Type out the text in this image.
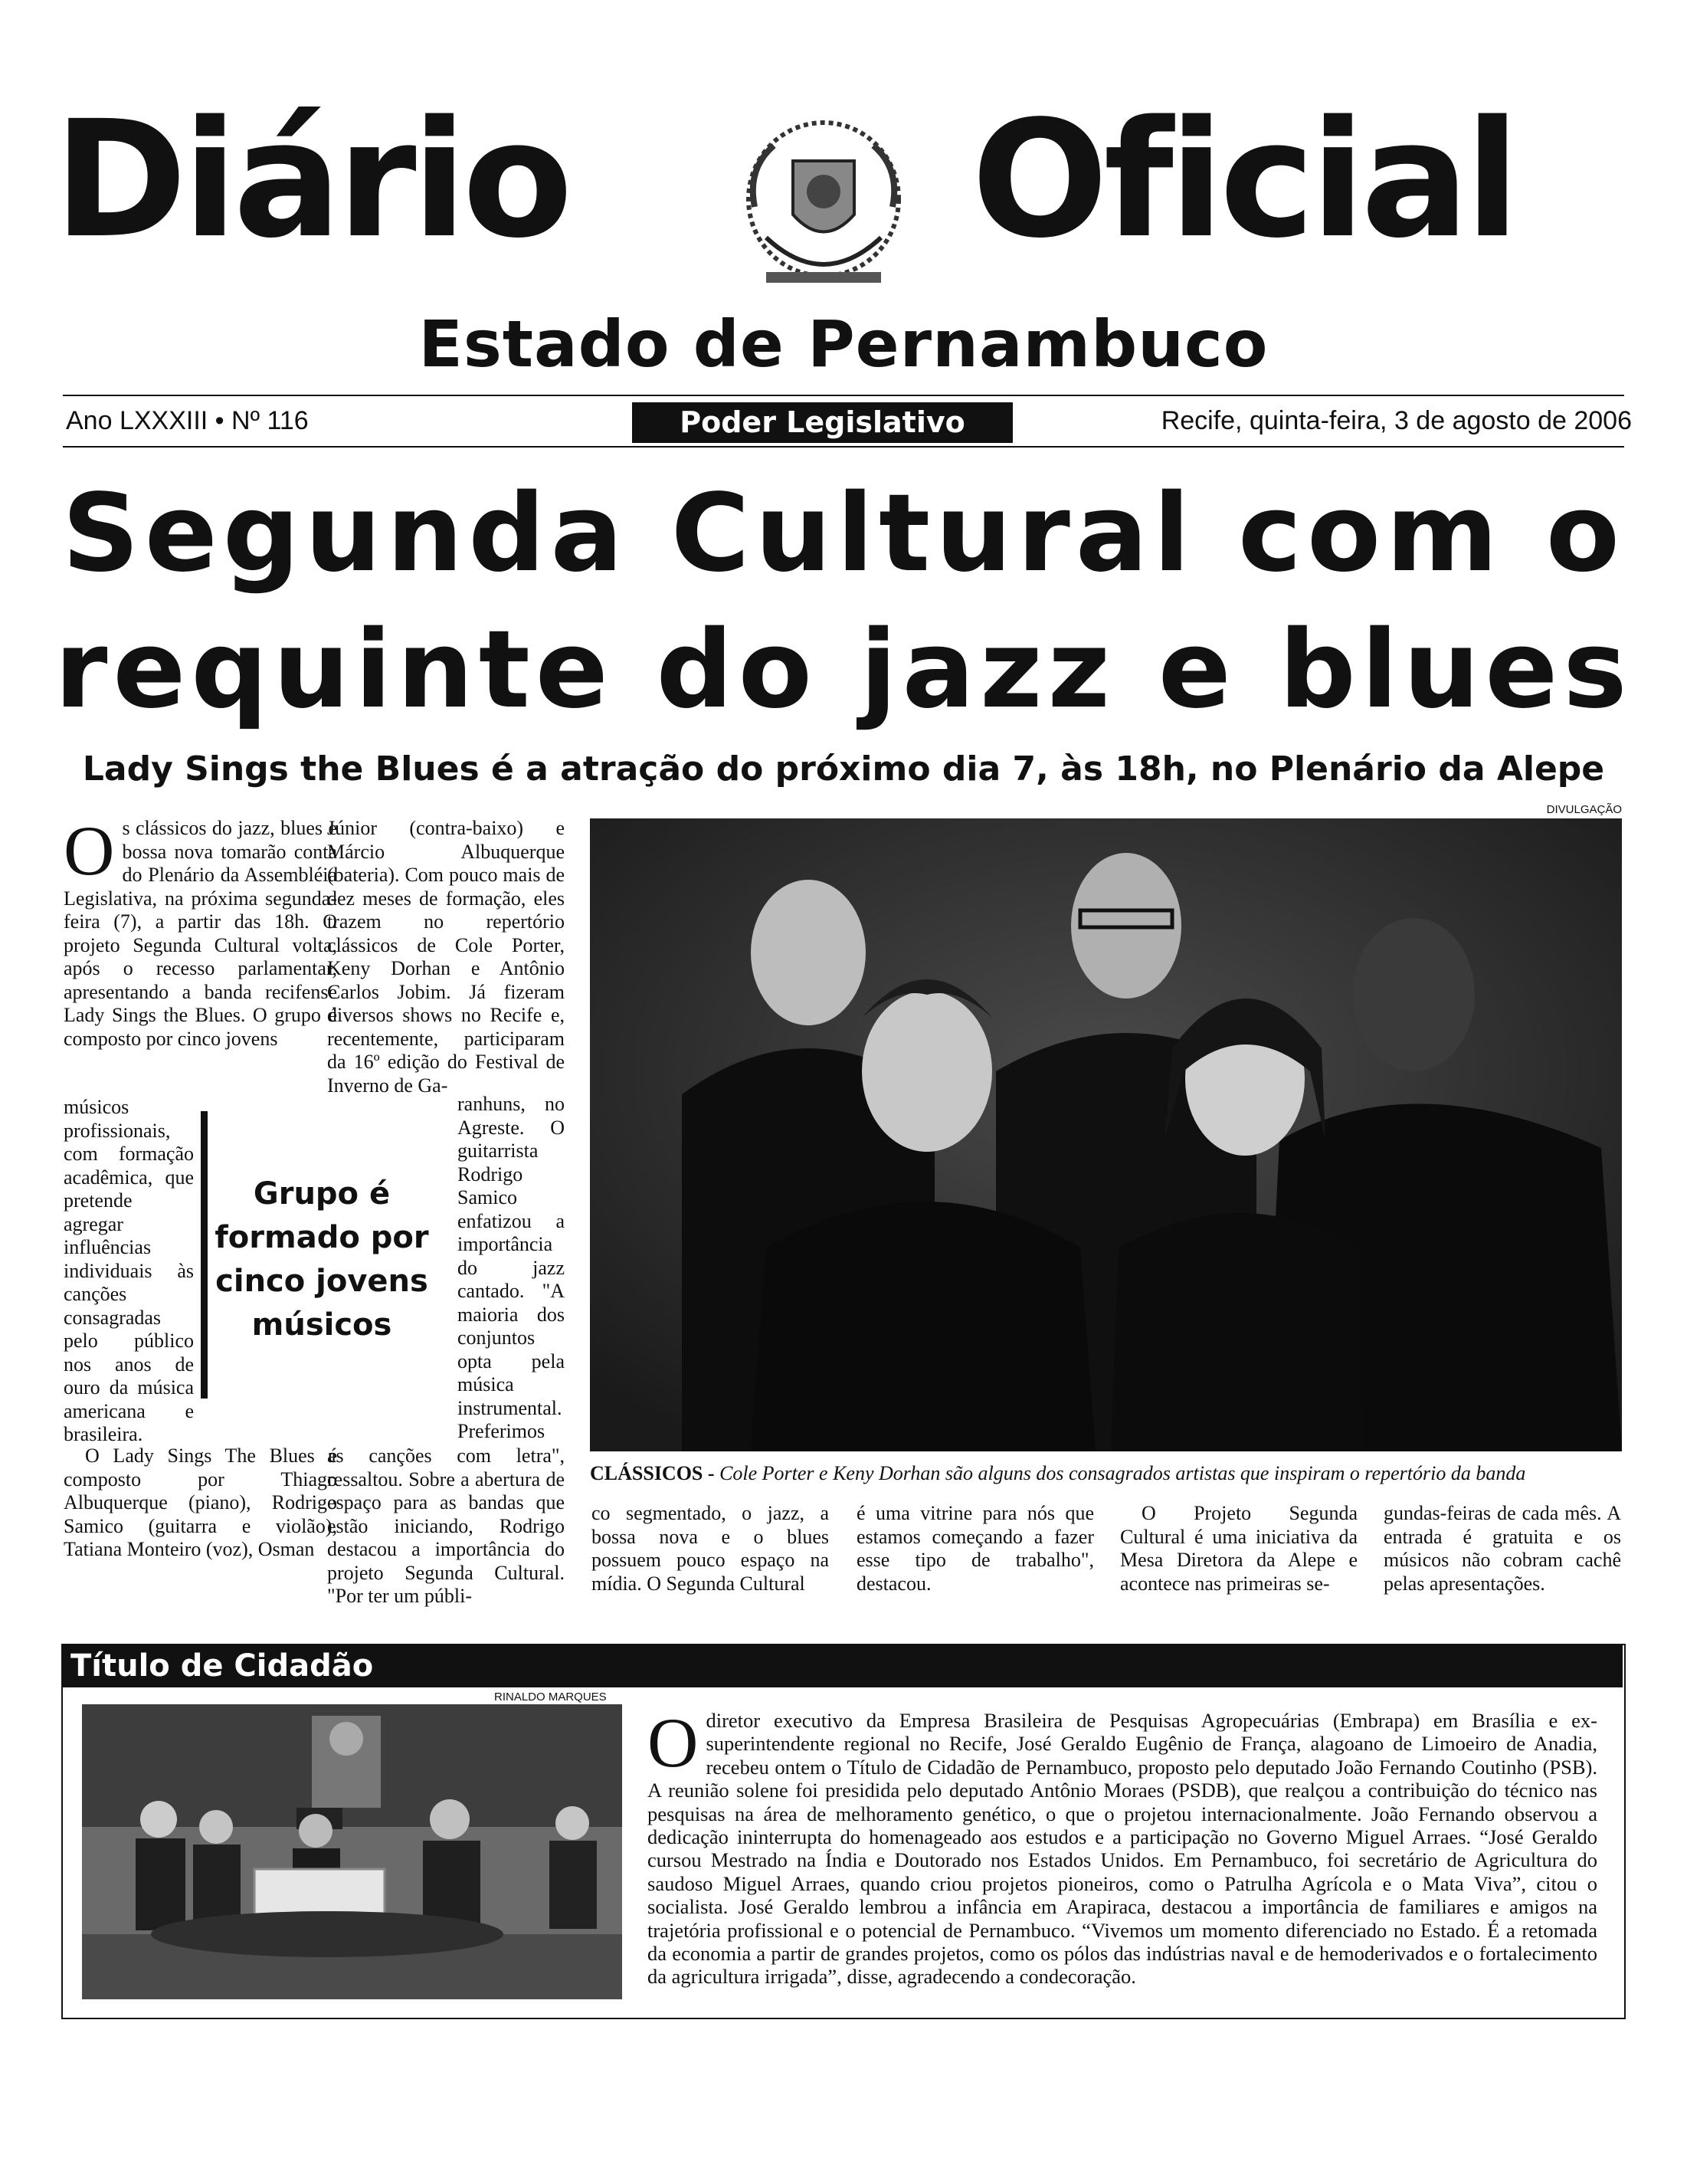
Diário	Oficial
Estado de Pernambuco
Ano LXXXIII • Nº 116	Poder Legislativo	Recife, quinta-feira, 3 de agosto de 2006
Segunda Cultural com o
requinte do jazz e blues
Lady Sings the Blues é a atração do próximo dia 7, às 18h, no Plenário da Alepe

Os clássicos do jazz, blues e bossa nova tomarão conta do Plenário da Assembléia Legislativa, na próxima segunda-feira (7), a partir das 18h. O projeto Segunda Cultural volta, após o recesso parlamentar, apresentando a banda recifense Lady Sings the Blues. O grupo é composto por cinco jovens

músicos profissionais, com formação acadêmica, que pretende agregar influências individuais às canções consagradas pelo público nos anos de ouro da música americana e brasileira.

O Lady Sings The Blues é composto por Thiago Albuquerque (piano), Rodrigo Samico (guitarra e violão), Tatiana Monteiro (voz), Osman

Júnior (contra-baixo) e Márcio Albuquerque (bateria). Com pouco mais de dez meses de formação, eles trazem no repertório clássicos de Cole Porter, Keny Dorhan e Antônio Carlos Jobim. Já fizeram diversos shows no Recife e, recentemente, participaram da 16º edição do Festival de Inverno de Ga-

ranhuns, no Agreste. O guitarrista Rodrigo Samico enfatizou a importância do jazz cantado. "A maioria dos conjuntos opta pela música instrumental. Preferimos

as canções com letra", ressaltou. Sobre a abertura de espaço para as bandas que estão iniciando, Rodrigo destacou a importância do projeto Segunda Cultural. "Por ter um públi-

Grupo é formado por cinco jovens músicos
DIVULGAÇÃO
CLÁSSICOS - Cole Porter e Keny Dorhan são alguns dos consagrados artistas que inspiram o repertório da banda

co segmentado, o jazz, a bossa nova e o blues possuem pouco espaço na mídia. O Segunda Cultural

é uma vitrine para nós que estamos começando a fazer esse tipo de trabalho", destacou.

O Projeto Segunda Cultural é uma iniciativa da Mesa Diretora da Alepe e acontece nas primeiras se-

gundas-feiras de cada mês. A entrada é gratuita e os músicos não cobram cachê pelas apresentações.

Título de Cidadão
RINALDO MARQUES

O diretor executivo da Empresa Brasileira de Pesquisas Agropecuárias (Embrapa) em Brasília e ex-superintendente regional no Recife, José Geraldo Eugênio de França, alagoano de Limoeiro de Anadia, recebeu ontem o Título de Cidadão de Pernambuco, proposto pelo deputado João Fernando Coutinho (PSB). A reunião solene foi presidida pelo deputado Antônio Moraes (PSDB), que realçou a contribuição do técnico nas pesquisas na área de melhoramento genético, o que o projetou internacionalmente. João Fernando observou a dedicação ininterrupta do homenageado aos estudos e a participação no Governo Miguel Arraes. “José Geraldo cursou Mestrado na Índia e Doutorado nos Estados Unidos. Em Pernambuco, foi secretário de Agricultura do saudoso Miguel Arraes, quando criou projetos pioneiros, como o Patrulha Agrícola e o Mata Viva”, citou o socialista. José Geraldo lembrou a infância em Arapiraca, destacou a importância de familiares e amigos na trajetória profissional e o potencial de Pernambuco. “Vivemos um momento diferenciado no Estado. É a retomada da economia a partir de grandes projetos, como os pólos das indústrias naval e de hemoderivados e o fortalecimento da agricultura irrigada”, disse, agradecendo a condecoração.
